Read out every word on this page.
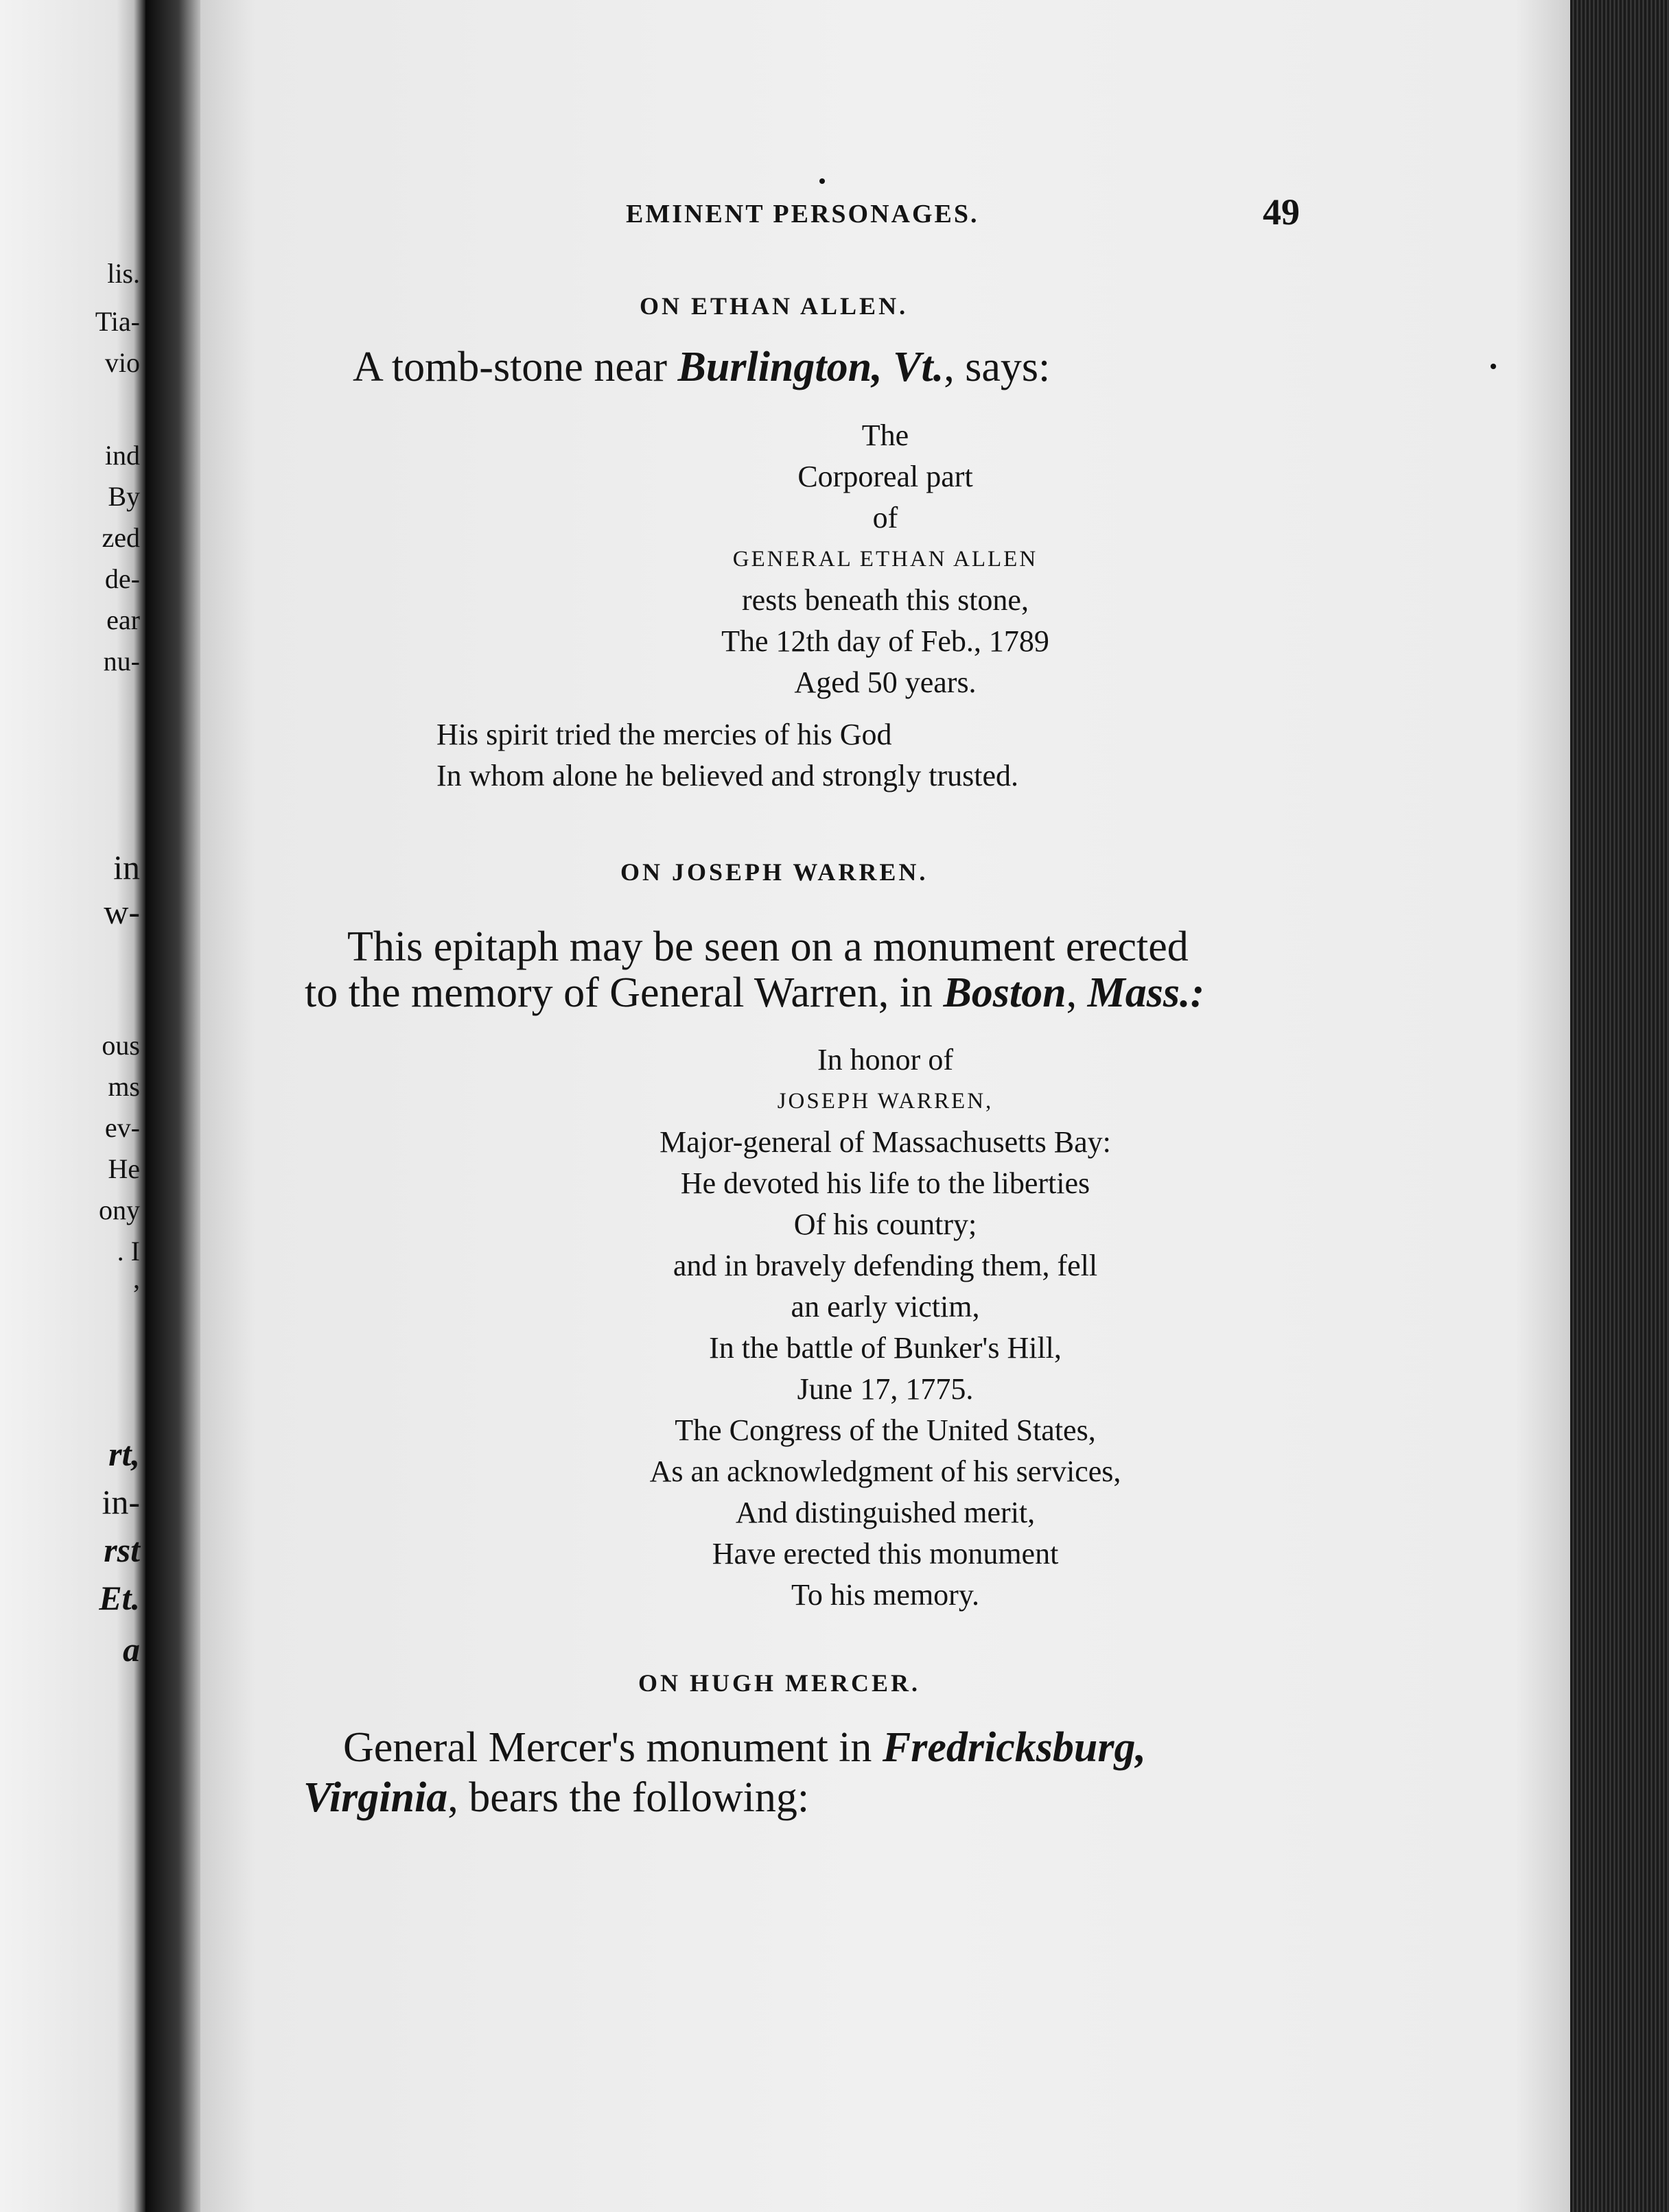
lis.
Tia-
vio
ind
By
zed
de-
ear
nu-
in
w-
ous
ms
ev-
He
ony
. I
,
rt,
in-
rst
Et.
a
EMINENT PERSONAGES.	49
ON ETHAN ALLEN.
A tomb-stone near Burlington, Vt., says:
The
Corporeal part
of
GENERAL ETHAN ALLEN
rests beneath this stone,
The 12th day of Feb., 1789
Aged 50 years.
His spirit tried the mercies of his God
In whom alone he believed and strongly trusted.
ON JOSEPH WARREN.
This epitaph may be seen on a monument erected
to the memory of General Warren, in Boston, Mass.:
In honor of
JOSEPH WARREN,
Major-general of Massachusetts Bay:
He devoted his life to the liberties
Of his country;
and in bravely defending them, fell
an early victim,
In the battle of Bunker's Hill,
June 17, 1775.
The Congress of the United States,
As an acknowledgment of his services,
And distinguished merit,
Have erected this monument
To his memory.
ON HUGH MERCER.
General Mercer's monument in Fredricksburg,
Virginia, bears the following:
